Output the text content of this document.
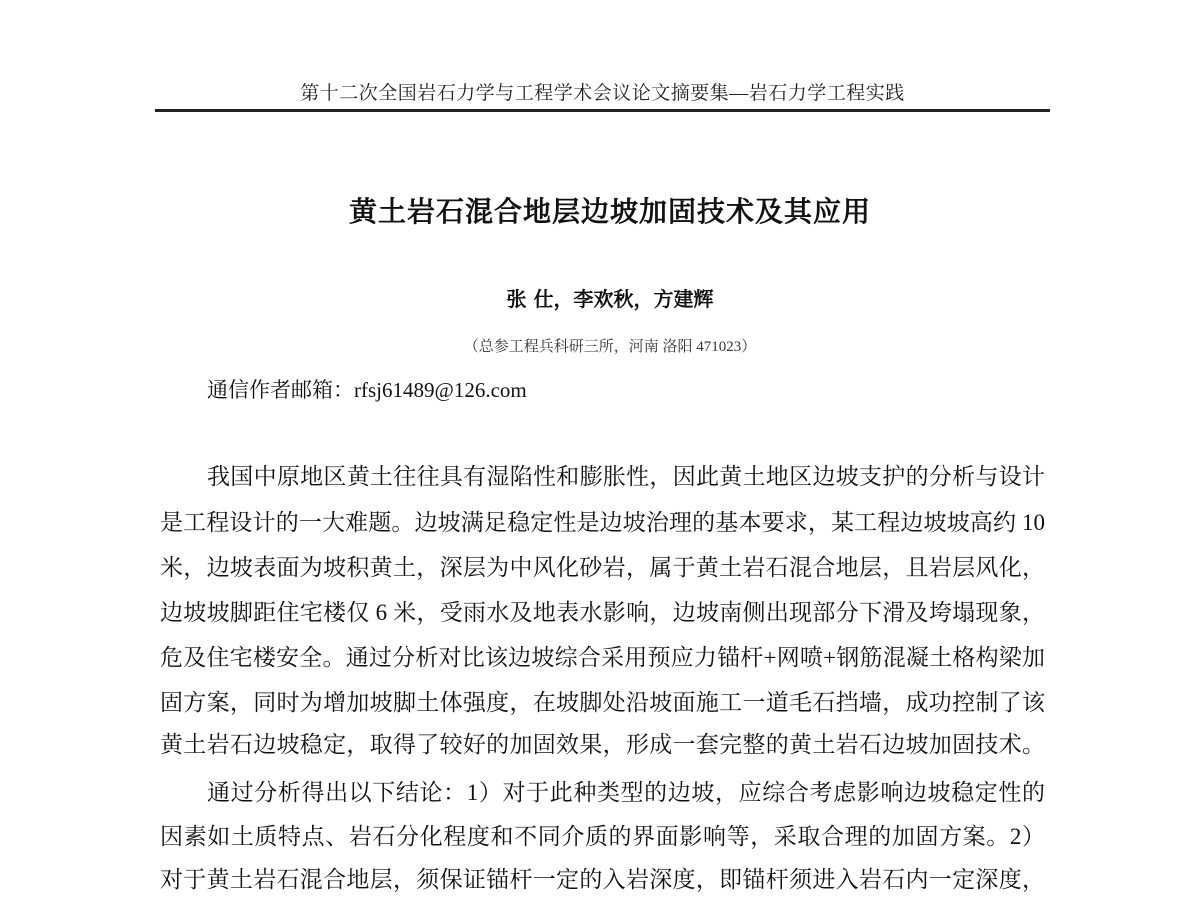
第十二次全国岩石力学与工程学术会议论文摘要集—岩石力学工程实践
黄土岩石混合地层边坡加固技术及其应用
张 仕，李欢秋，方建辉
（总参工程兵科研三所，河南 洛阳 471023）
通信作者邮箱：rfsj61489@126.com
我国中原地区黄土往往具有湿陷性和膨胀性，因此黄土地区边坡支护的分析与设计
是工程设计的一大难题。边坡满足稳定性是边坡治理的基本要求，某工程边坡坡高约 10
米，边坡表面为坡积黄土，深层为中风化砂岩，属于黄土岩石混合地层，且岩层风化，
边坡坡脚距住宅楼仅 6 米，受雨水及地表水影响，边坡南侧出现部分下滑及垮塌现象，
危及住宅楼安全。通过分析对比该边坡综合采用预应力锚杆+网喷+钢筋混凝土格构梁加
固方案，同时为增加坡脚土体强度，在坡脚处沿坡面施工一道毛石挡墙，成功控制了该
黄土岩石边坡稳定，取得了较好的加固效果，形成一套完整的黄土岩石边坡加固技术。
通过分析得出以下结论：1）对于此种类型的边坡，应综合考虑影响边坡稳定性的
因素如土质特点、岩石分化程度和不同介质的界面影响等，采取合理的加固方案。2）
对于黄土岩石混合地层，须保证锚杆一定的入岩深度，即锚杆须进入岩石内一定深度，
